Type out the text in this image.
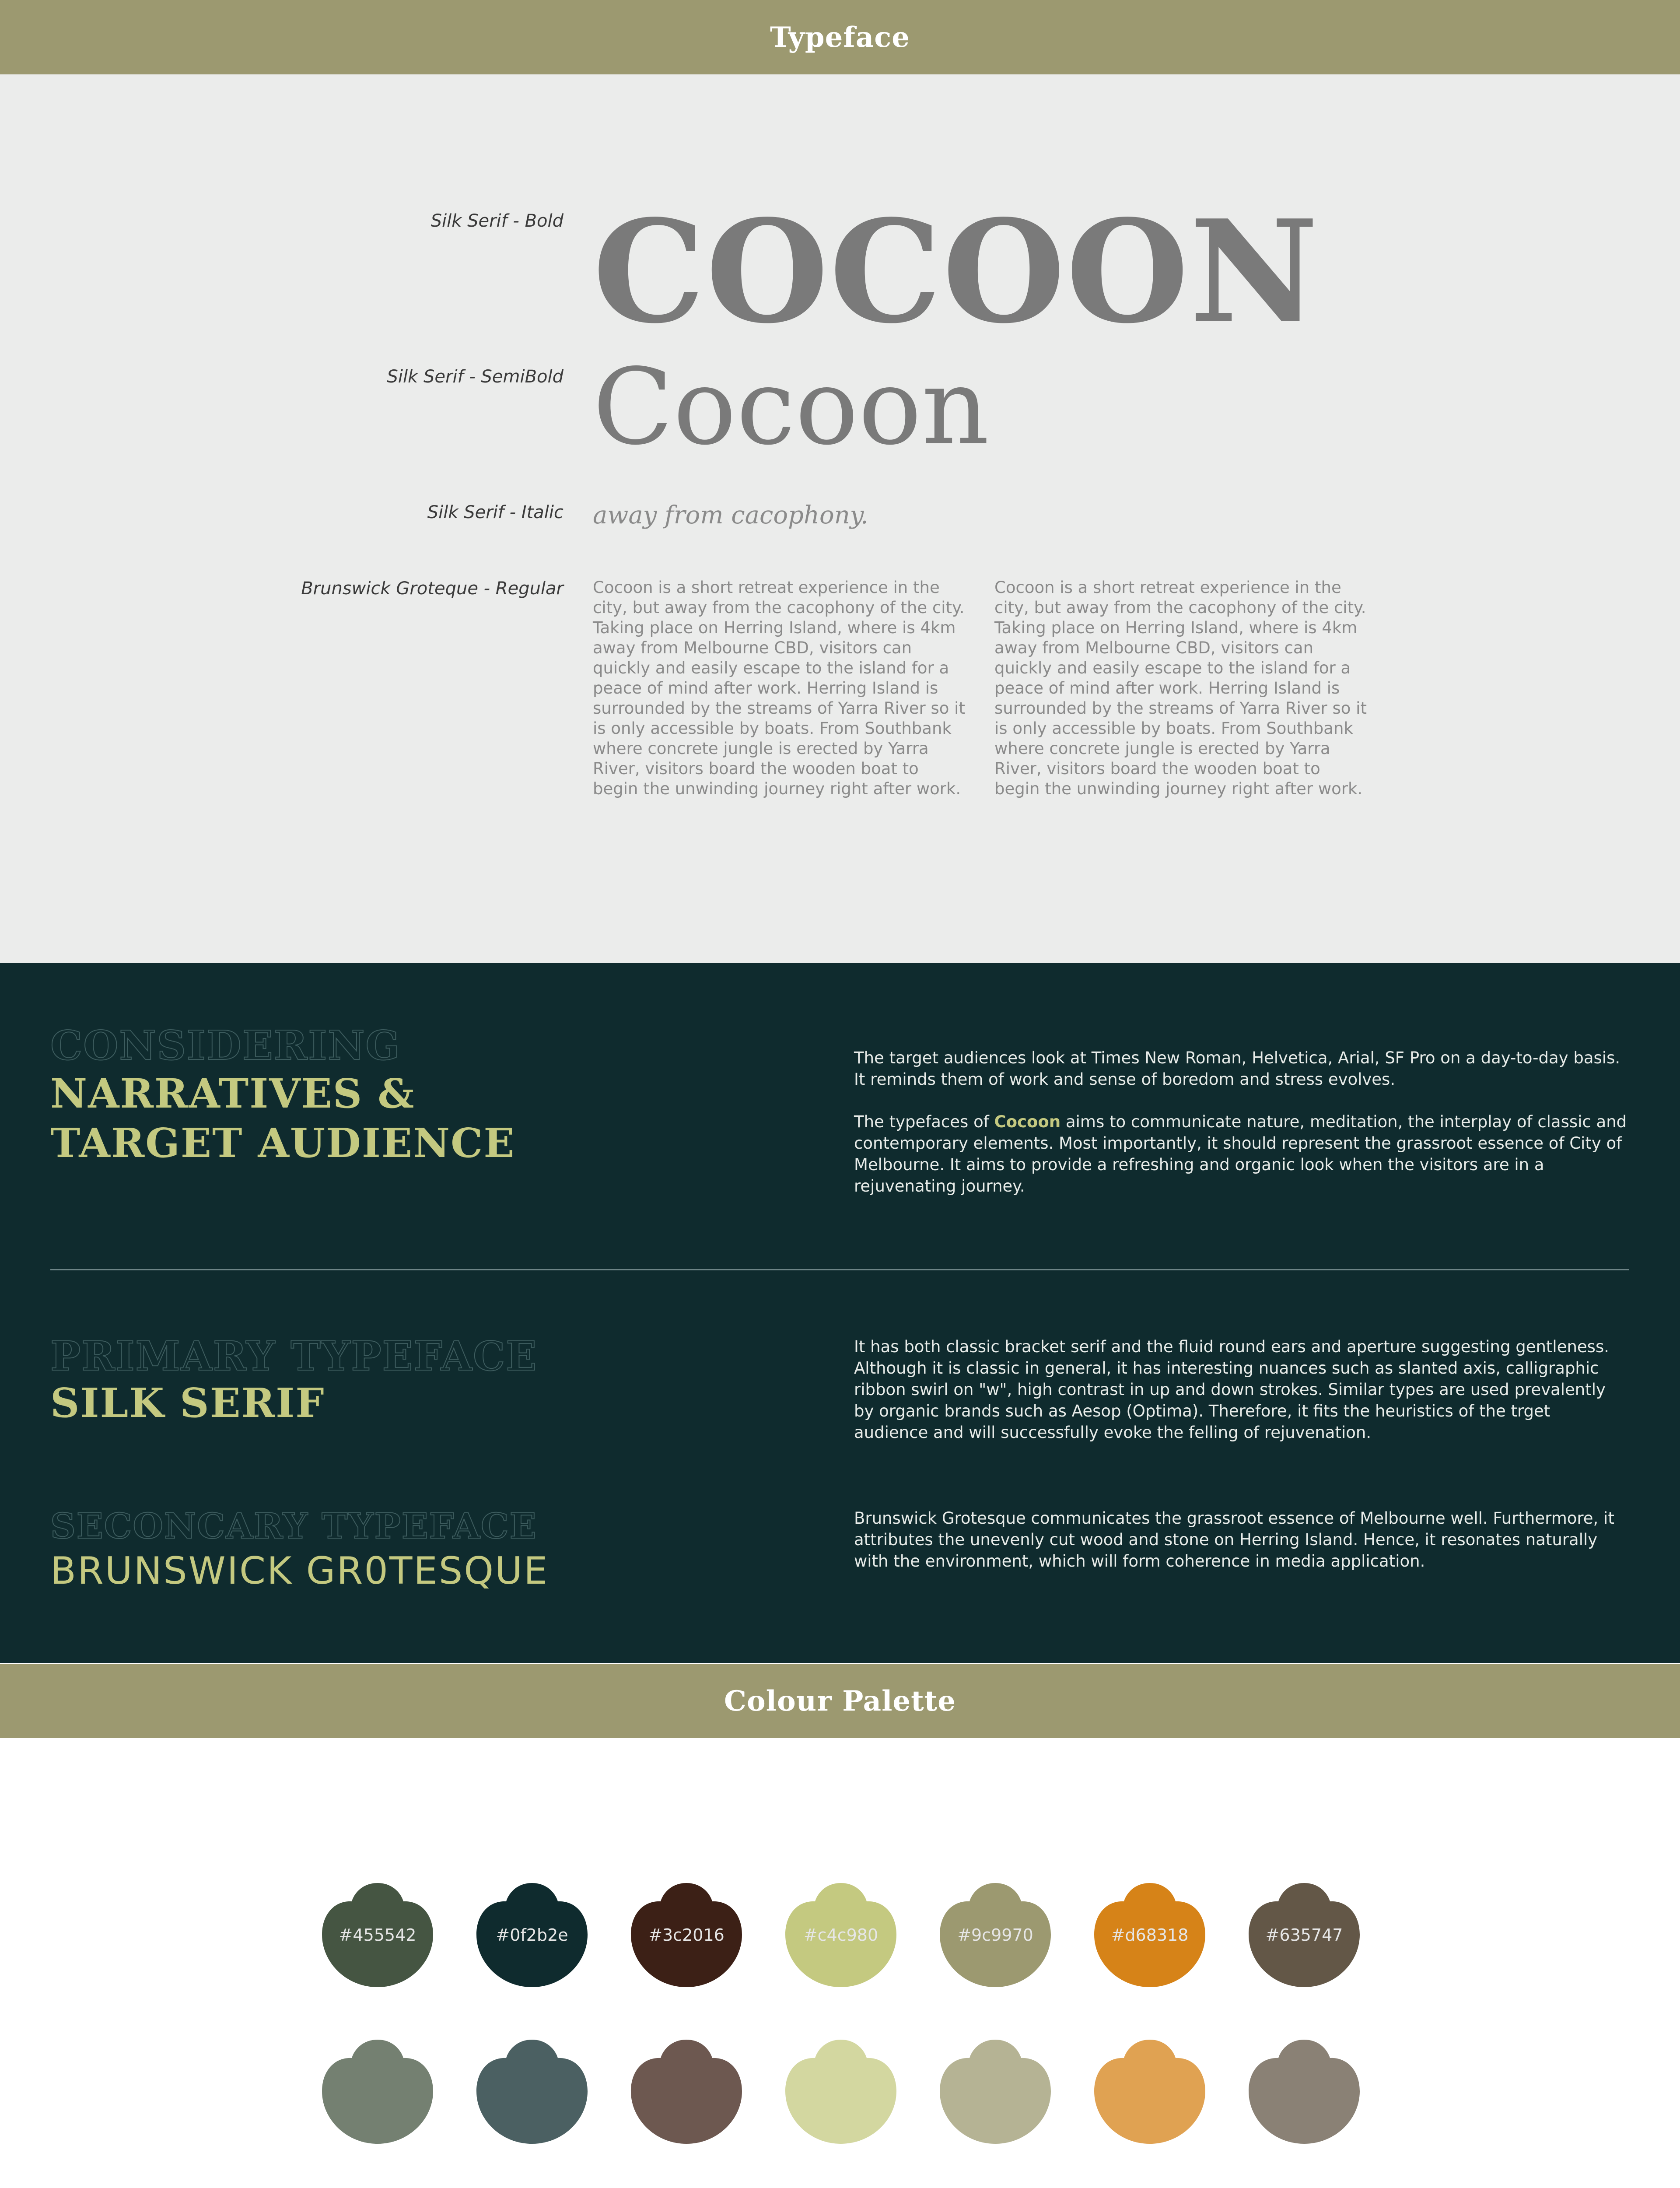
Typeface
Silk Serif - Bold COCOON
Silk Serif - SemiBold Cocoon
Silk Serif - Italic away from cacophony.
Brunswick Groteque - Regular Cocoon is a short retreat experience in the city, but away from the cacophony of the city. Taking place on Herring Island, where is 4km away from Melbourne CBD, visitors can quickly and easily escape to the island for a peace of mind after work. Herring Island is surrounded by the streams of Yarra River so it is only accessible by boats. From Southbank where concrete jungle is erected by Yarra River, visitors board the wooden boat to begin the unwinding journey right after work.
Cocoon is a short retreat experience in the city, but away from the cacophony of the city. Taking place on Herring Island, where is 4km away from Melbourne CBD, visitors can quickly and easily escape to the island for a peace of mind after work. Herring Island is surrounded by the streams of Yarra River so it is only accessible by boats. From Southbank where concrete jungle is erected by Yarra River, visitors board the wooden boat to begin the unwinding journey right after work.
CONSIDERING
NARRATIVES &
TARGET AUDIENCE

The target audiences look at Times New Roman, Helvetica, Arial, SF Pro on a day-to-day basis. It reminds them of work and sense of boredom and stress evolves.

The typefaces of Cocoon aims to communicate nature, meditation, the interplay of classic and contemporary elements. Most importantly, it should represent the grassroot essence of City of Melbourne. It aims to provide a refreshing and organic look when the visitors are in a rejuvenating journey.

PRIMARY TYPEFACE
SILK SERIF
It has both classic bracket serif and the fluid round ears and aperture suggesting gentleness. Although it is classic in general, it has interesting nuances such as slanted axis, calligraphic ribbon swirl on "w", high contrast in up and down strokes. Similar types are used prevalently by organic brands such as Aesop (Optima). Therefore, it fits the heuristics of the trget audience and will successfully evoke the felling of rejuvenation.
SECONCARY TYPEFACE
BRUNSWICK GR0TESQUE
Brunswick Grotesque communicates the grassroot essence of Melbourne well. Furthermore, it attributes the unevenly cut wood and stone on Herring Island. Hence, it resonates naturally with the environment, which will form coherence in media application.
Colour Palette
#455542	#0f2b2e	#3c2016	#c4c980	#9c9970	#d68318	#635747
